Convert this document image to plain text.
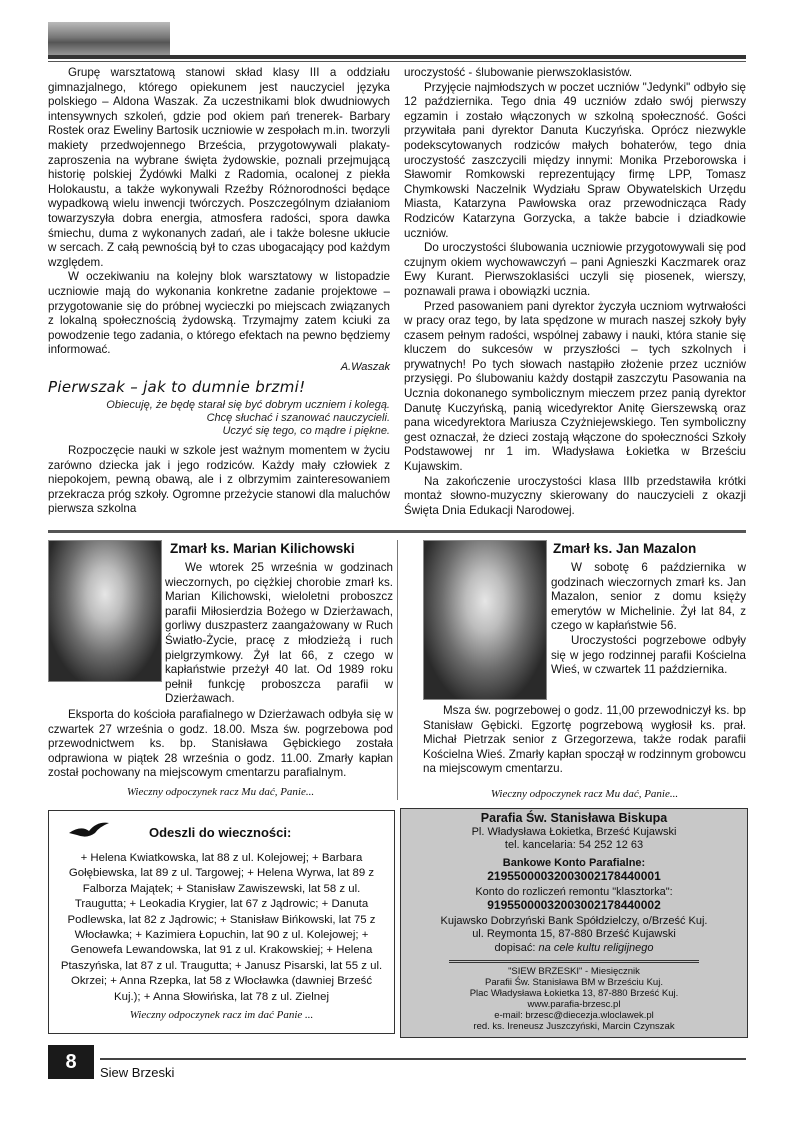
Grupę warsztatową stanowi skład klasy III a oddziału gimnazjalnego, którego opiekunem jest nauczyciel języka polskiego – Aldona Waszak. Za uczestnikami blok dwudniowych intensywnych szkoleń, gdzie pod okiem pań trenerek- Barbary Rostek oraz Eweliny Bartosik uczniowie w zespołach m.in. tworzyli makiety przedwojennego Brześcia, przygotowywali plakaty- zaproszenia na wybrane święta żydowskie, poznali przejmującą historię polskiej Żydówki Malki z Radomia, ocalonej z piekła Holokaustu, a także wykonywali Rzeźby Różnorodności będące wypadkową wielu inwencji twórczych. Poszczególnym działaniom towarzyszyła dobra energia, atmosfera radości, spora dawka śmiechu, duma z wykonanych zadań, ale i także bolesne ukłucie w sercach. Z całą pewnością był to czas ubogacający pod każdym względem.

W oczekiwaniu na kolejny blok warsztatowy w listopadzie uczniowie mają do wykonania konkretne zadanie projektowe – przygotowanie się do próbnej wycieczki po miejscach związanych z lokalną społecznością żydowską. Trzymajmy zatem kciuki za powodzenie tego zadania, o którego efektach na pewno będziemy informować.

A.Waszak
Pierwszak – jak to dumnie brzmi!
Obiecuję, że będę starał się być dobrym uczniem i kolegą.
Chcę słuchać i szanować nauczycieli.
Uczyć się tego, co mądre i piękne.

Rozpoczęcie nauki w szkole jest ważnym momentem w życiu zarówno dziecka jak i jego rodziców. Każdy mały człowiek z niepokojem, pewną obawą, ale i z olbrzymim zainteresowaniem przekracza próg szkoły. Ogromne przeżycie stanowi dla maluchów pierwsza szkolna

uroczystość - ślubowanie pierwszoklasistów.

Przyjęcie najmłodszych w poczet uczniów "Jedynki" odbyło się 12 października. Tego dnia 49 uczniów zdało swój pierwszy egzamin i zostało włączonych w szkolną społeczność. Gości przywitała pani dyrektor Danuta Kuczyńska. Oprócz niezwykle podekscytowanych rodziców małych bohaterów, tego dnia uroczystość zaszczycili między innymi: Monika Przeborowska i Sławomir Romkowski reprezentujący firmę LPP, Tomasz Chymkowski Naczelnik Wydziału Spraw Obywatelskich Urzędu Miasta, Katarzyna Pawłowska oraz przewodnicząca Rady Rodziców Katarzyna Gorzycka, a także babcie i dziadkowie uczniów.

Do uroczystości ślubowania uczniowie przygotowywali się pod czujnym okiem wychowawczyń – pani Agnieszki Kaczmarek oraz Ewy Kurant. Pierwszoklasiści uczyli się piosenek, wierszy, poznawali prawa i obowiązki ucznia.

Przed pasowaniem pani dyrektor życzyła uczniom wytrwałości w pracy oraz tego, by lata spędzone w murach naszej szkoły były czasem pełnym radości, wspólnej zabawy i nauki, która stanie się kluczem do sukcesów w przyszłości – tych szkolnych i prywatnych! Po tych słowach nastąpiło złożenie przez uczniów przysięgi. Po ślubowaniu każdy dostąpił zaszczytu Pasowania na Ucznia dokonanego symbolicznym mieczem przez panią dyrektor Danutę Kuczyńską, panią wicedyrektor Anitę Gierszewską oraz pana wicedyrektora Mariusza Czyżniejewskiego. Ten symboliczny gest oznaczał, że dzieci zostają włączone do społeczności Szkoły Podstawowej nr 1 im. Władysława Łokietka w Brześciu Kujawskim.

Na zakończenie uroczystości klasa IIIb przedstawiła krótki montaż słowno-muzyczny skierowany do nauczycieli z okazji Święta Dnia Edukacji Narodowej.

Zmarł ks. Marian Kilichowski

We wtorek 25 września w godzinach wieczornych, po ciężkiej chorobie zmarł ks. Marian Kilichowski, wieloletni proboszcz parafii Miłosierdzia Bożego w Dzierżawach, gorliwy duszpasterz zaangażowany w Ruch Światło-Życie, pracę z młodzieżą i ruch pielgrzymkowy. Żył lat 66, z czego w kapłaństwie przeżył 40 lat. Od 1989 roku pełnił funkcję proboszcza parafii w Dzierżawach.

Eksporta do kościoła parafialnego w Dzierżawach odbyła się w czwartek 27 września o godz. 18.00. Msza św. pogrzebowa pod przewodnictwem ks. bp. Stanisława Gębickiego została odprawiona w piątek 28 września o godz. 11.00. Zmarły kapłan został pochowany na miejscowym cmentarzu parafialnym.

Wieczny odpoczynek racz Mu dać, Panie...
Zmarł ks. Jan Mazalon

W sobotę 6 października w godzinach wieczornych zmarł ks. Jan Mazalon, senior z domu księży emerytów w Michelinie. Żył lat 84, z czego w kapłaństwie 56.

Uroczystości pogrzebowe odbyły się w jego rodzinnej parafii Kościelna Wieś, w czwartek 11 października.

Msza św. pogrzebowej o godz. 11,00 przewodniczył ks. bp Stanisław Gębicki. Egzortę pogrzebową wygłosił ks. prał. Michał Pietrzak senior z Grzegorzewa, także rodak parafii Kościelna Wieś. Zmarły kapłan spoczął w rodzinnym grobowcu na miejscowym cmentarzu.

Wieczny odpoczynek racz Mu dać, Panie...
Odeszli do wieczności:
+ Helena Kwiatkowska, lat 88 z ul. Kolejowej; + Barbara Gołębiewska, lat 89 z ul. Targowej; + Helena Wyrwa, lat 89 z Falborza Majątek; + Stanisław Zawiszewski, lat 58 z ul. Traugutta; + Leokadia Krygier, lat 67 z Jądrowic; + Danuta Podlewska, lat 82 z Jądrowic; + Stanisław Bińkowski, lat 75 z Włocławka; + Kazimiera Łopuchin, lat 90 z ul. Kolejowej; + Genowefa Lewandowska, lat 91 z ul. Krakowskiej; + Helena Ptaszyńska, lat 87 z ul. Traugutta; + Janusz Pisarski, lat 55 z ul. Okrzei; + Anna Rzepka, lat 58 z Włocławka (dawniej Brześć Kuj.); + Anna Słowińska, lat 78 z ul. Zielnej
Wieczny odpoczynek racz im dać Panie ...
Parafia Św. Stanisława Biskupa
Pl. Władysława Łokietka, Brześć Kujawski
tel. kancelaria: 54 252 12 63
Bankowe Konto Parafialne:
21955000032003002178440001
Konto do rozliczeń remontu "klasztorka":
91955000032003002178440002
Kujawsko Dobrzyński Bank Spółdzielczy, o/Brześć Kuj.
ul. Reymonta 15, 87-880 Brześć Kujawski
dopisać: na cele kultu religijnego
"SIEW BRZESKI" - Miesięcznik
Parafii Św. Stanisława BM w Brześciu Kuj.
Plac Władysława Łokietka 13, 87-880 Brześć Kuj.
www.parafia-brzesc.pl
e-mail: brzesc@diecezja.wloclawek.pl
red. ks. Ireneusz Juszczyński, Marcin Czynszak
8	Siew Brzeski
